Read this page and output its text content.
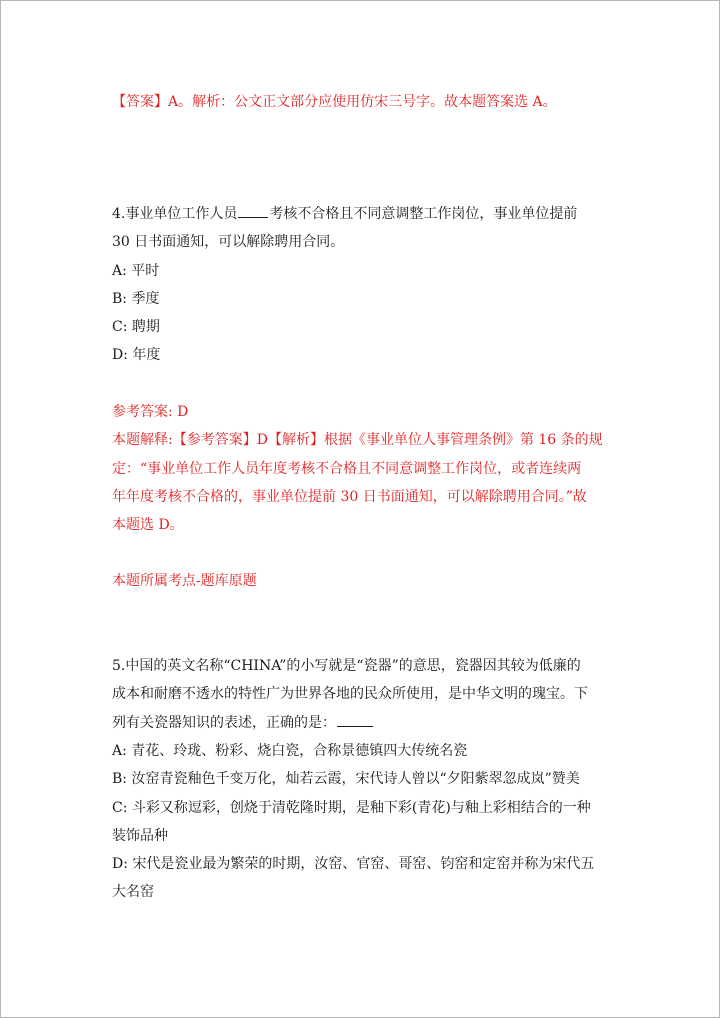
【答案】A。解析：公文正文部分应使用仿宋三号字。故本题答案选 A。

4.事业单位工作人员 考核不合格且不同意调整工作岗位，事业单位提前

30 日书面通知，可以解除聘用合同。

A: 平时

B: 季度

C: 聘期

D: 年度

参考答案: D

本题解释:【参考答案】D【解析】根据《事业单位人事管理条例》第 16 条的规

定：“事业单位工作人员年度考核不合格且不同意调整工作岗位，或者连续两

年年度考核不合格的，事业单位提前 30 日书面通知，可以解除聘用合同。”故

本题选 D。

本题所属考点-题库原题

5.中国的英文名称“CHINA”的小写就是“瓷器”的意思，瓷器因其较为低廉的

成本和耐磨不透水的特性广为世界各地的民众所使用，是中华文明的瑰宝。下

列有关瓷器知识的表述，正确的是：

A: 青花、玲珑、粉彩、烧白瓷，合称景德镇四大传统名瓷

B: 汝窑青瓷釉色千变万化，灿若云霞，宋代诗人曾以“夕阳紫翠忽成岚”赞美

C: 斗彩又称逗彩，创烧于清乾隆时期，是釉下彩(青花)与釉上彩相结合的一种

装饰品种

D: 宋代是瓷业最为繁荣的时期，汝窑、官窑、哥窑、钧窑和定窑并称为宋代五

大名窑
